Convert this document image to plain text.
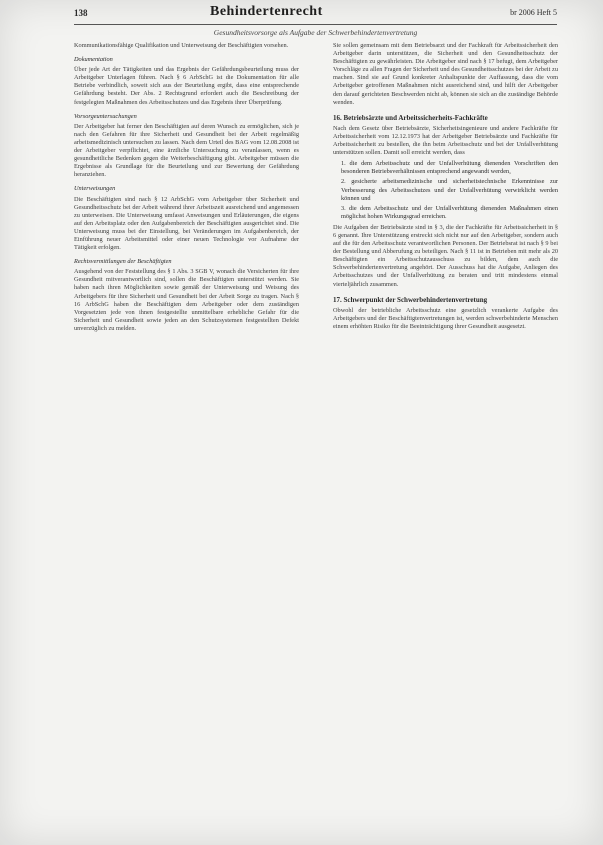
138	Behindertenrecht	br 2006 Heft 5
Gesundheitsvorsorge als Aufgabe der Schwerbehindertenvertretung

Kommunikationsfähige Qualifikation und Unterweisung der Beschäftigten vorsehen.

Dokumentation

Über jede Art der Tätigkeiten und das Ergebnis der Gefährdungsbeurteilung muss der Arbeitgeber Unterlagen führen. Nach § 6 ArbSchG ist die Dokumentation für alle Betriebe verbindlich, soweit sich aus der Beurteilung ergibt, dass eine entsprechende Gefährdung besteht. Der Abs. 2 Rechtsgrund erfordert auch die Beschreibung der festgelegten Maßnahmen des Arbeitsschutzes und das Ergebnis ihrer Überprüfung.

Vorsorgeuntersuchungen

Der Arbeitgeber hat ferner den Beschäftigten auf deren Wunsch zu ermöglichen, sich je nach den Gefahren für ihre Sicherheit und Gesundheit bei der Arbeit regelmäßig arbeitsmedizinisch untersuchen zu lassen. Nach dem Urteil des BAG vom 12.08.2008 ist der Arbeitgeber verpflichtet, eine ärztliche Untersuchung zu veranlassen, wenn es gesundheitliche Bedenken gegen die Weiterbeschäftigung gibt. Arbeitgeber müssen die Ergebnisse als Grundlage für die Beurteilung und zur Bewertung der Gefährdung heranziehen.

Unterweisungen

Die Beschäftigten sind nach § 12 ArbSchG vom Arbeitgeber über Sicherheit und Gesundheitsschutz bei der Arbeit während ihrer Arbeitszeit ausreichend und angemessen zu unterweisen. Die Unterweisung umfasst Anweisungen und Erläuterungen, die eigens auf den Arbeitsplatz oder den Aufgabenbereich der Beschäftigten ausgerichtet sind. Die Unterweisung muss bei der Einstellung, bei Veränderungen im Aufgabenbereich, der Einführung neuer Arbeitsmittel oder einer neuen Technologie vor Aufnahme der Tätigkeit erfolgen.

Rechtsvermittlungen der Beschäftigten

Ausgehend von der Feststellung des § 1 Abs. 3 SGB V, wonach die Versicherten für ihre Gesundheit mitverantwortlich sind, sollen die Beschäftigten unterstützt werden. Sie haben nach ihren Möglichkeiten sowie gemäß der Unterweisung und Weisung des Arbeitgebers für ihre Sicherheit und Gesundheit bei der Arbeit Sorge zu tragen. Nach § 16 ArbSchG haben die Beschäftigten dem Arbeitgeber oder dem zuständigen Vorgesetzten jede von ihnen festgestellte unmittelbare erhebliche Gefahr für die Sicherheit und Gesundheit sowie jeden an den Schutzsystemen festgestellten Defekt unverzüglich zu melden.

Sie sollen gemeinsam mit dem Betriebsarzt und der Fachkraft für Arbeitssicherheit den Arbeitgeber darin unterstützen, die Sicherheit und den Gesundheitsschutz der Beschäftigten zu gewährleisten. Die Arbeitgeber sind nach § 17 befugt, dem Arbeitgeber Vorschläge zu allen Fragen der Sicherheit und des Gesundheitsschutzes bei der Arbeit zu machen. Sind sie auf Grund konkreter Anhaltspunkte der Auffassung, dass die vom Arbeitgeber getroffenen Maßnahmen nicht ausreichend sind, und hilft der Arbeitgeber den darauf gerichteten Beschwerden nicht ab, können sie sich an die zuständige Behörde wenden.

16. Betriebsärzte und Arbeitssicherheits-Fachkräfte

Nach dem Gesetz über Betriebsärzte, Sicherheitsingenieure und andere Fachkräfte für Arbeitssicherheit vom 12.12.1973 hat der Arbeitgeber Betriebsärzte und Fachkräfte für Arbeitssicherheit zu bestellen, die ihn beim Arbeitsschutz und bei der Unfallverhütung unterstützen sollen. Damit soll erreicht werden, dass

1. die dem Arbeitsschutz und der Unfallverhütung dienenden Vorschriften den besonderen Betriebsverhältnissen entsprechend angewandt werden,
2. gesicherte arbeitsmedizinische und sicherheitstechnische Erkenntnisse zur Verbesserung des Arbeitsschutzes und der Unfallverhütung verwirklicht werden können und
3. die dem Arbeitsschutz und der Unfallverhütung dienenden Maßnahmen einen möglichst hohen Wirkungsgrad erreichen.

Die Aufgaben der Betriebsärzte sind in § 3, die der Fachkräfte für Arbeitssicherheit in § 6 genannt. Ihre Unterstützung erstreckt sich nicht nur auf den Arbeitgeber, sondern auch auf die für den Arbeitsschutz verantwortlichen Personen. Der Betriebsrat ist nach § 9 bei der Bestellung und Abberufung zu beteiligen. Nach § 11 ist in Betrieben mit mehr als 20 Beschäftigten ein Arbeitsschutzausschuss zu bilden, dem auch die Schwerbehindertenvertretung angehört. Der Ausschuss hat die Aufgabe, Anliegen des Arbeitsschutzes und der Unfallverhütung zu beraten und tritt mindestens einmal vierteljährlich zusammen.

17. Schwerpunkt der Schwerbehindertenvertretung

Obwohl der betriebliche Arbeitsschutz eine gesetzlich verankerte Aufgabe des Arbeitgebers und der Beschäftigtenvertretungen ist, werden schwerbehinderte Menschen einem erhöhten Risiko für die Beeinträchtigung ihrer Gesundheit ausgesetzt.
